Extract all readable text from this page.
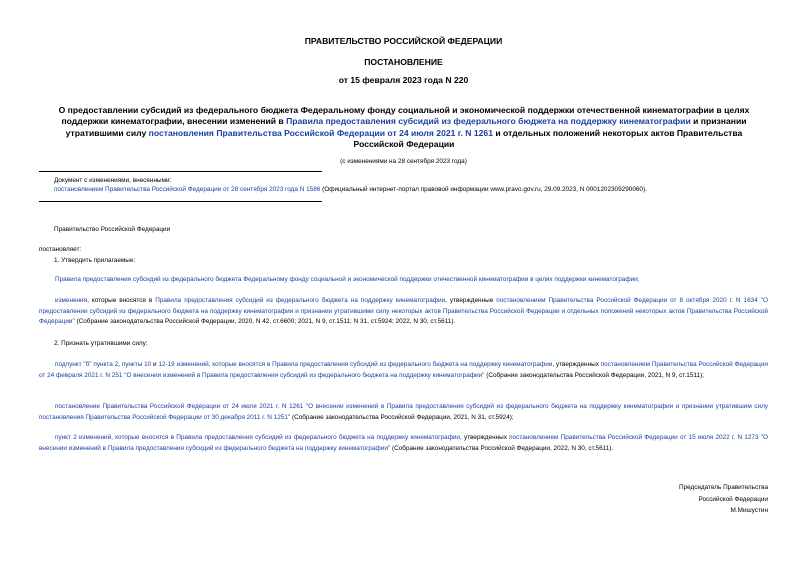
ПРАВИТЕЛЬСТВО РОССИЙСКОЙ ФЕДЕРАЦИИ
ПОСТАНОВЛЕНИЕ
от 15 февраля 2023 года N 220
О предоставлении субсидий из федерального бюджета Федеральному фонду социальной и экономической поддержки отечественной кинематографии в целях поддержки кинематографии, внесении изменений в Правила предоставления субсидий из федерального бюджета на поддержку кинематографии и признании утратившими силу постановления Правительства Российской Федерации от 24 июля 2021 г. N 1261 и отдельных положений некоторых актов Правительства Российской Федерации
(с изменениями на 28 сентября 2023 года)
Документ с изменениями, внесенными:
постановлением Правительства Российской Федерации от 28 сентября 2023 года N 1586 (Официальный интернет-портал правовой информации www.pravo.gov.ru, 29.09.2023, N 0001202309290060).
Правительство Российской Федерации
постановляет:
1. Утвердить прилагаемые:
Правила предоставления субсидий из федерального бюджета Федеральному фонду социальной и экономической поддержки отечественной кинематографии в целях поддержки кинематографии;
изменения, которые вносятся в Правила предоставления субсидий из федерального бюджета на поддержку кинематографии, утвержденные постановлением Правительства Российской Федерации от 8 октября 2020 г. N 1634 "О предоставлении субсидий из федерального бюджета на поддержку кинематографии и признании утратившими силу некоторых актов Правительства Российской Федерации и отдельных положений некоторых актов Правительства Российской Федерации" (Собрание законодательства Российской Федерации, 2020, N 42, ст.6600; 2021, N 9, ст.1511; N 31, ст.5924; 2022, N 30, ст.5611).
2. Признать утратившими силу:
подпункт "б" пункта 2, пункты 10 и 12-19 изменений, которые вносятся в Правила предоставления субсидий из федерального бюджета на поддержку кинематографии, утвержденных постановлением Правительства Российской Федерации от 24 февраля 2021 г. N 251 "О внесении изменений в Правила предоставления субсидий из федерального бюджета на поддержку кинематографии" (Собрание законодательства Российской Федерации, 2021, N 9, ст.1511);
постановление Правительства Российской Федерации от 24 июля 2021 г. N 1261 "О внесении изменений в Правила предоставления субсидий из федерального бюджета на поддержку кинематографии и признании утратившим силу постановления Правительства Российской Федерации от 30 декабря 2011 г. N 1251" (Собрание законодательства Российской Федерации, 2021, N 31, ст.5924);
пункт 2 изменений, которые вносятся в Правила предоставления субсидий из федерального бюджета на поддержку кинематографии, утвержденных постановлением Правительства Российской Федерации от 15 июля 2022 г. N 1273 "О внесении изменений в Правила предоставления субсидий из федерального бюджета на поддержку кинематографии" (Собрание законодательства Российской Федерации, 2022, N 30, ст.5611).
Председатель Правительства
Российской Федерации
М.Мишустин
